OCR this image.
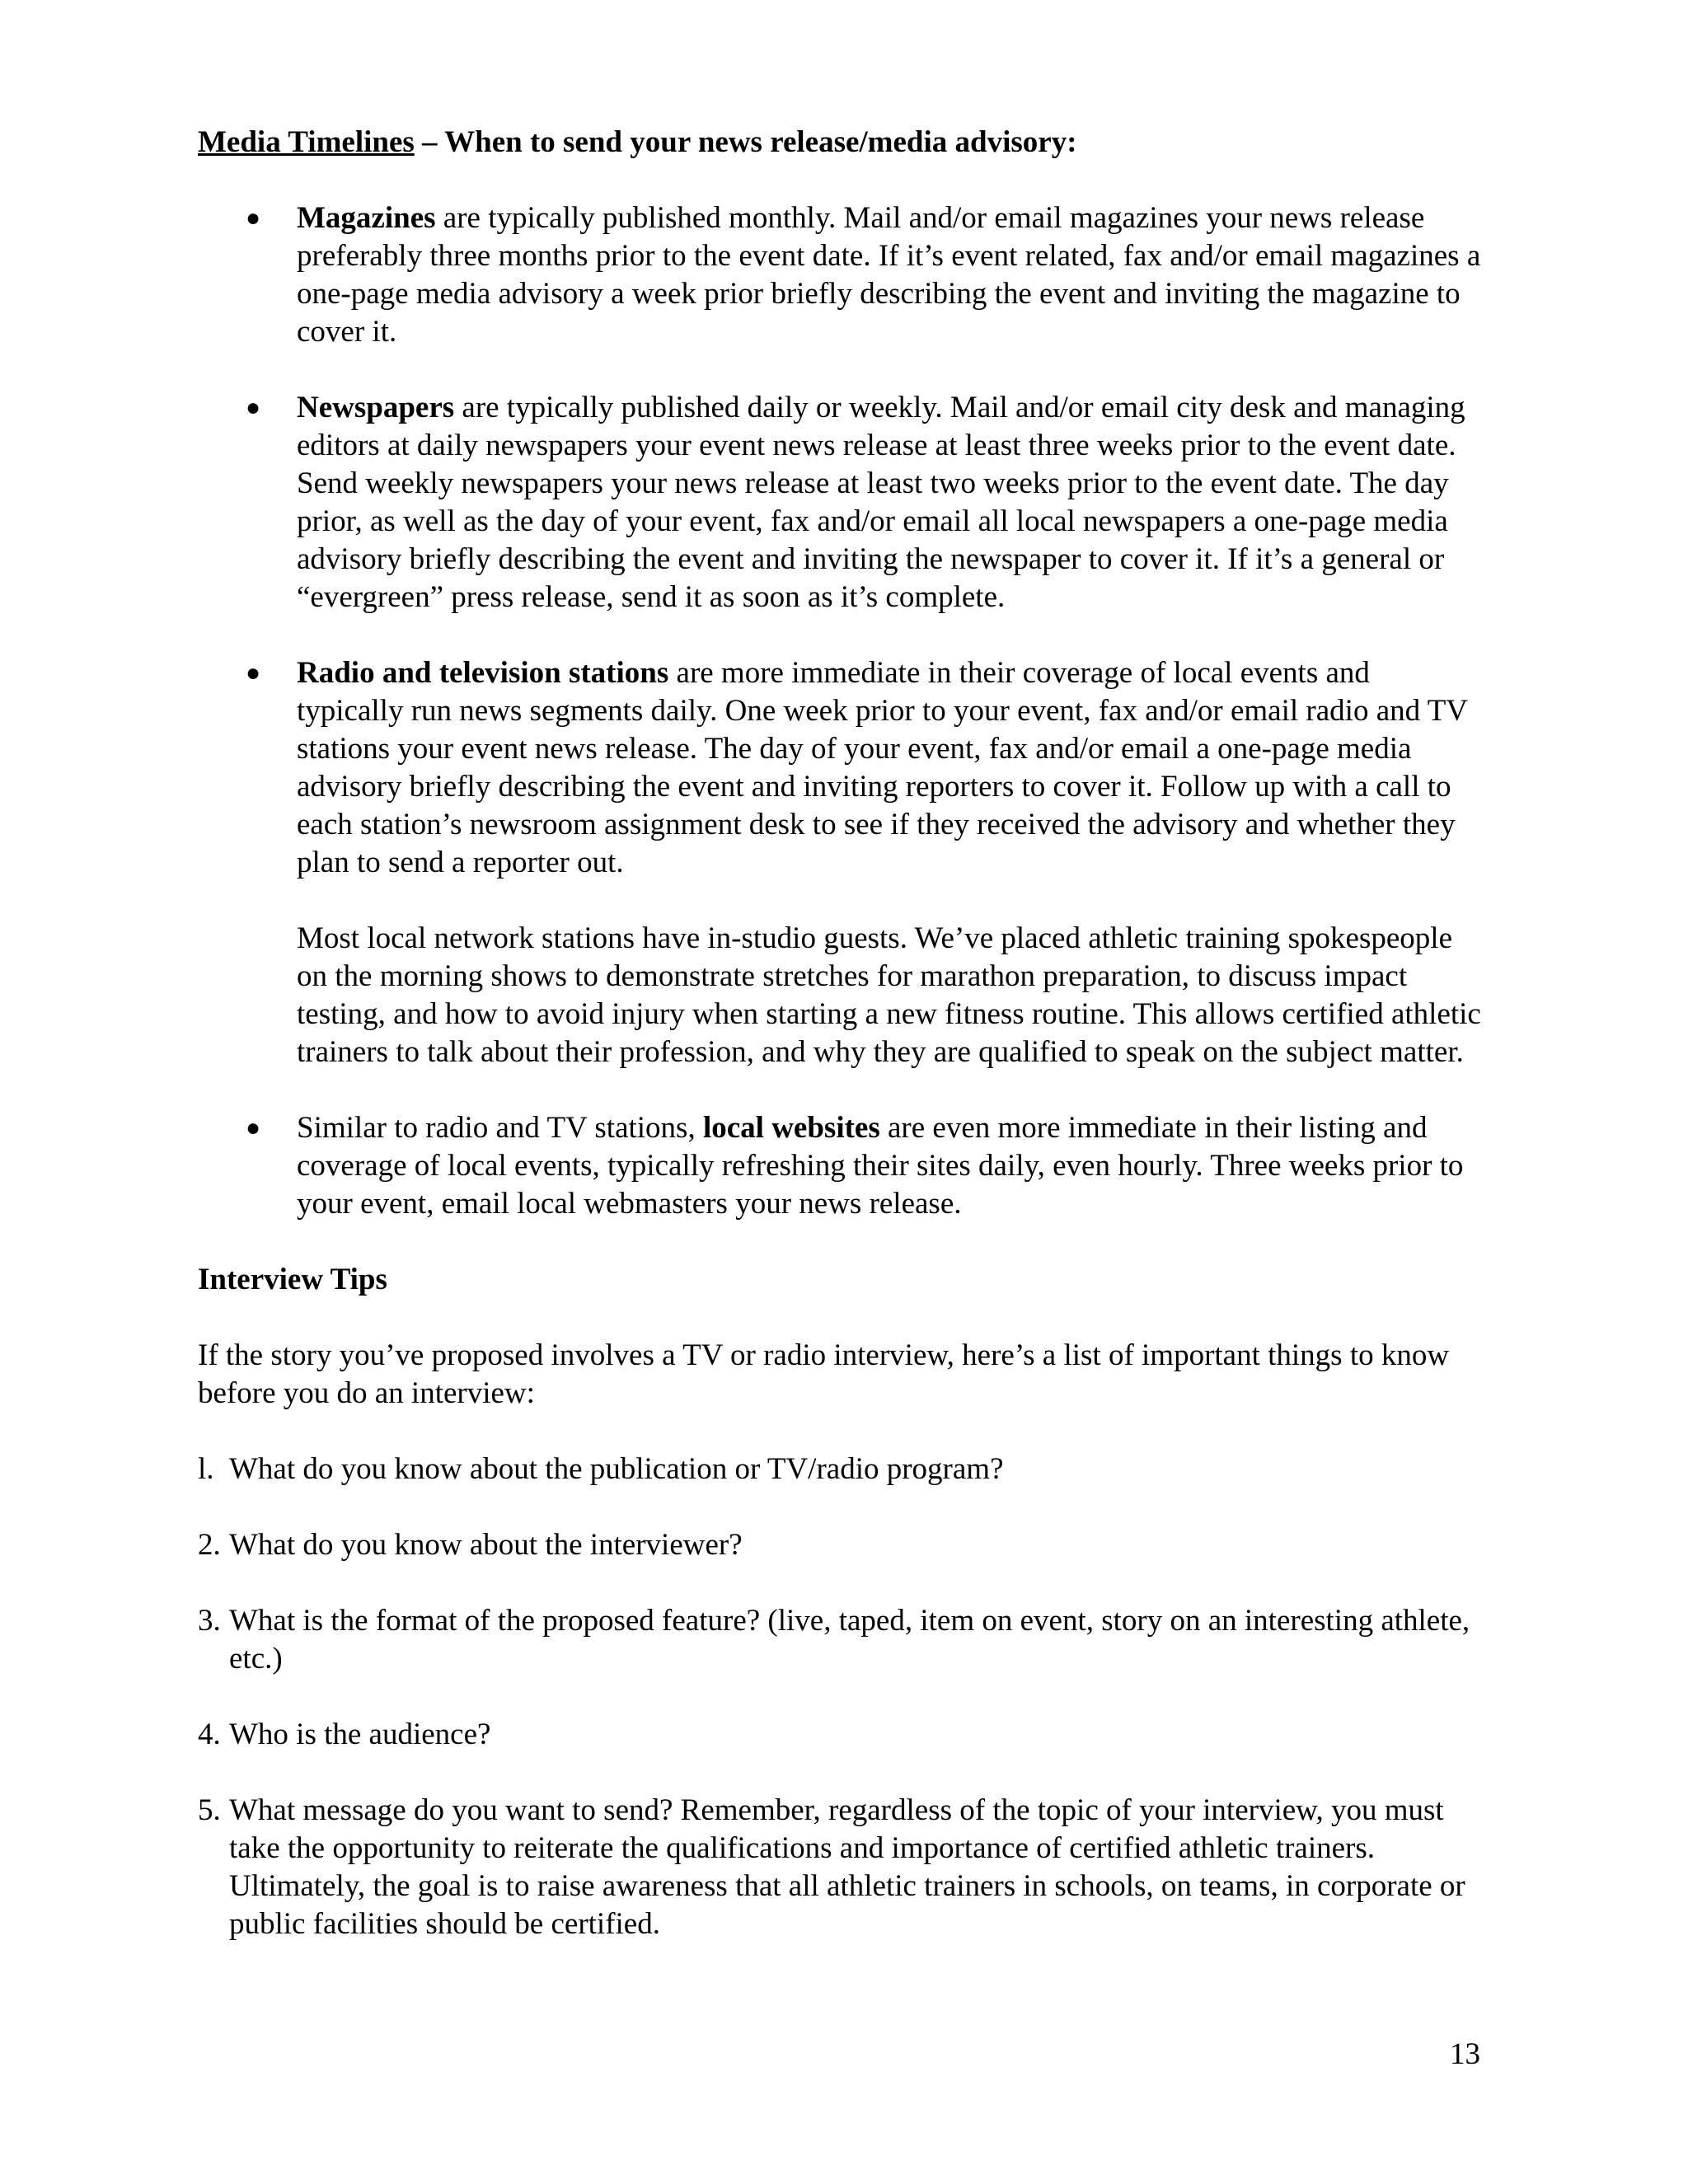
Media Timelines – When to send your news release/media advisory:

● Magazines are typically published monthly. Mail and/or email magazines your news release preferably three months prior to the event date. If it’s event related, fax and/or email magazines a one-page media advisory a week prior briefly describing the event and inviting the magazine to cover it.

● Newspapers are typically published daily or weekly. Mail and/or email city desk and managing editors at daily newspapers your event news release at least three weeks prior to the event date. Send weekly newspapers your news release at least two weeks prior to the event date. The day prior, as well as the day of your event, fax and/or email all local newspapers a one-page media advisory briefly describing the event and inviting the newspaper to cover it. If it’s a general or “evergreen” press release, send it as soon as it’s complete.

● Radio and television stations are more immediate in their coverage of local events and typically run news segments daily. One week prior to your event, fax and/or email radio and TV stations your event news release. The day of your event, fax and/or email a one-page media advisory briefly describing the event and inviting reporters to cover it. Follow up with a call to each station’s newsroom assignment desk to see if they received the advisory and whether they plan to send a reporter out.

Most local network stations have in-studio guests. We’ve placed athletic training spokespeople on the morning shows to demonstrate stretches for marathon preparation, to discuss impact testing, and how to avoid injury when starting a new fitness routine. This allows certified athletic trainers to talk about their profession, and why they are qualified to speak on the subject matter.

● Similar to radio and TV stations, local websites are even more immediate in their listing and coverage of local events, typically refreshing their sites daily, even hourly. Three weeks prior to your event, email local webmasters your news release.

Interview Tips

If the story you’ve proposed involves a TV or radio interview, here’s a list of important things to know before you do an interview:

l. What do you know about the publication or TV/radio program?
2. What do you know about the interviewer?
3. What is the format of the proposed feature? (live, taped, item on event, story on an interesting athlete, etc.)
4. Who is the audience?
5. What message do you want to send? Remember, regardless of the topic of your interview, you must take the opportunity to reiterate the qualifications and importance of certified athletic trainers. Ultimately, the goal is to raise awareness that all athletic trainers in schools, on teams, in corporate or public facilities should be certified.
13
